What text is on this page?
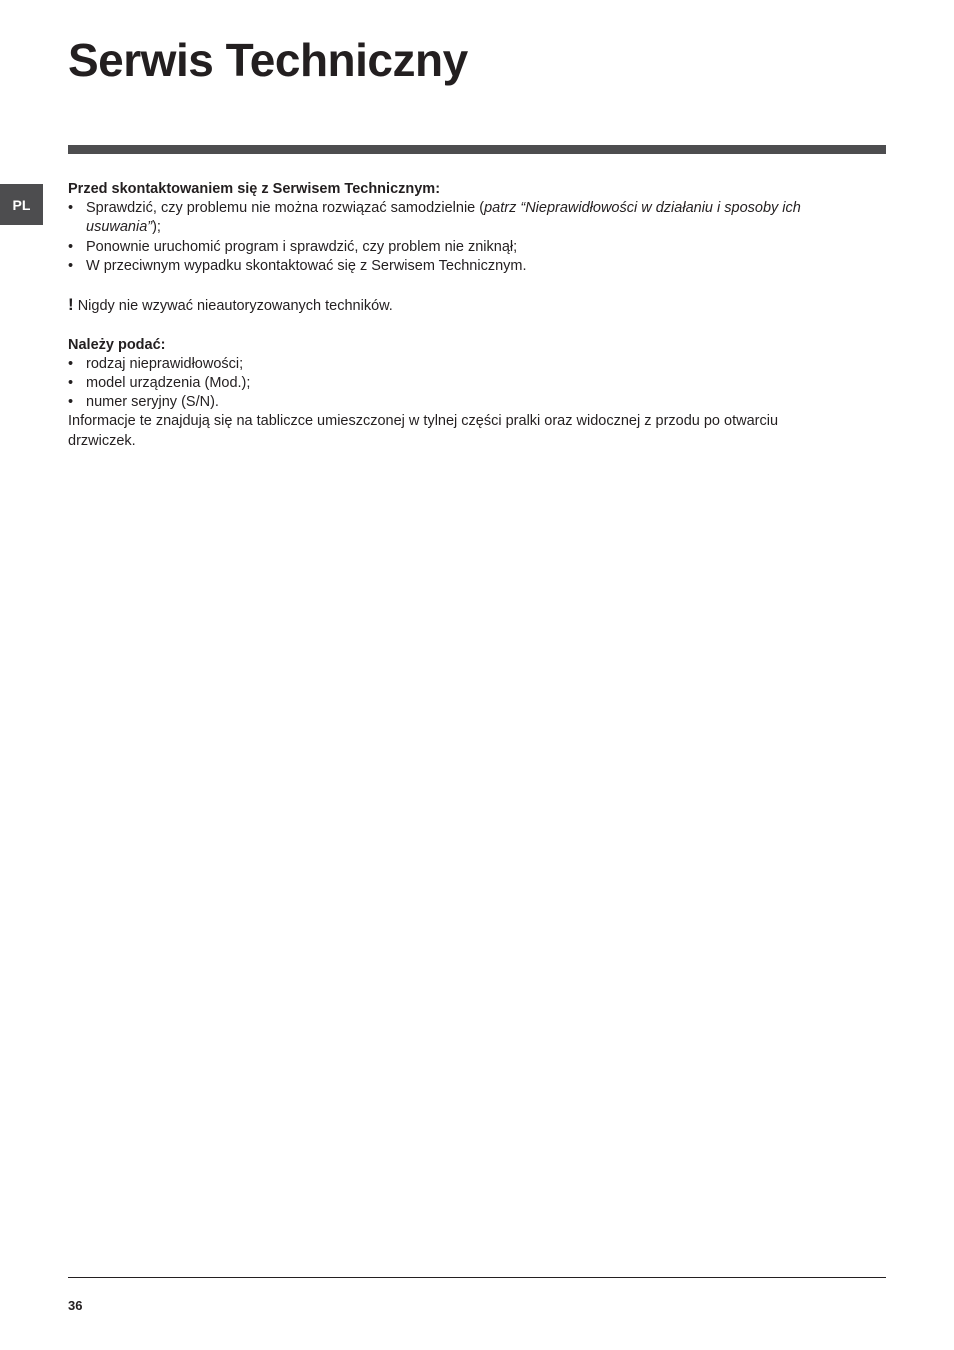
Serwis Techniczny
PL

Przed skontaktowaniem się z Serwisem Technicznym:

• Sprawdzić, czy problemu nie można rozwiązać samodzielnie (patrz “Nieprawidłowości w działaniu i sposoby ich usuwania”);
• Ponownie uruchomić program i sprawdzić, czy problem nie zniknął;
• W przeciwnym wypadku skontaktować się z Serwisem Technicznym.

! Nigdy nie wzywać nieautoryzowanych techników.

Należy podać:

• rodzaj nieprawidłowości;
• model urządzenia (Mod.);
• numer seryjny (S/N).

Informacje te znajdują się na tabliczce umieszczonej w tylnej części pralki oraz widocznej z przodu po otwarciu drzwiczek.

36
